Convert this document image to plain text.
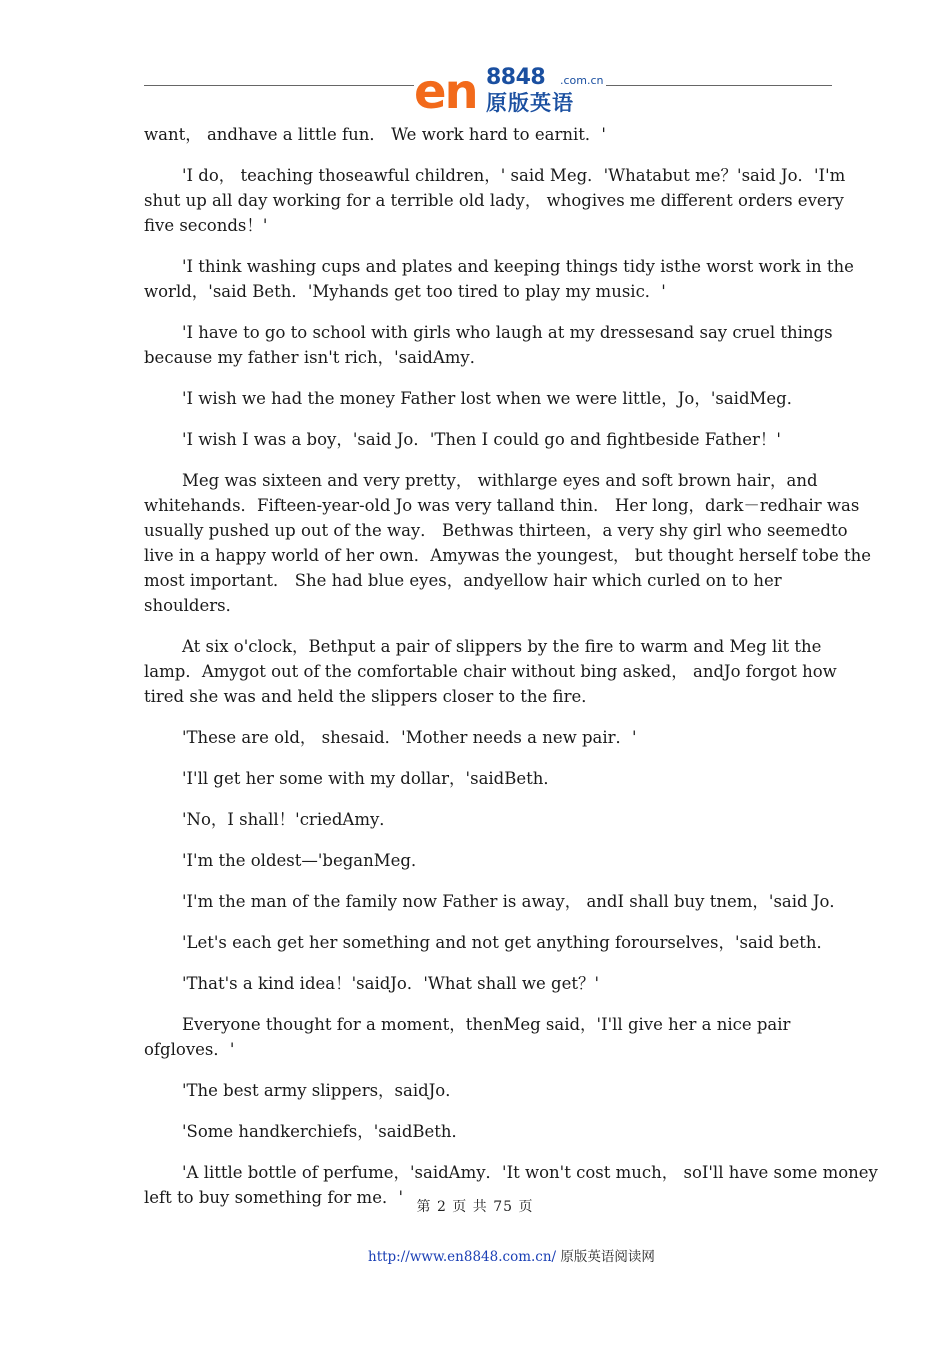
en 8848 .com.cn
原版英语

want， andhave a little fun． We work hard to earnit．'

'I do， teaching thoseawful children，' said Meg．'Whatabut me？'said Jo．'I'm shut up all day working for a terrible old lady， whogives me different orders every five seconds！'

'I think washing cups and plates and keeping things tidy isthe worst work in the world，'said Beth．'Myhands get too tired to play my music．'

'I have to go to school with girls who laugh at my dressesand say cruel things because my father isn't rich，'saidAmy．

'I wish we had the money Father lost when we were little，Jo，'saidMeg．

'I wish I was a boy，'said Jo．'Then I could go and fightbeside Father！'

Meg was sixteen and very pretty， withlarge eyes and soft brown hair，and whitehands．Fifteen-year-old Jo was very talland thin． Her long，dark－redhair was usually pushed up out of the way． Bethwas thirteen，a very shy girl who seemedto live in a happy world of her own．Amywas the youngest， but thought herself tobe the most important． She had blue eyes，andyellow hair which curled on to her shoulders．

At six o'clock，Bethput a pair of slippers by the fire to warm and Meg lit the lamp．Amygot out of the comfortable chair without bing asked， andJo forgot how tired she was and held the slippers closer to the fire．

'These are old， shesaid．'Mother needs a new pair．'

'I'll get her some with my dollar，'saidBeth．

'No，I shall！'criedAmy．

'I'm the oldest—'beganMeg．

'I'm the man of the family now Father is away， andI shall buy tnem，'said Jo．

'Let's each get her something and not get anything forourselves，'said beth．

'That's a kind idea！'saidJo．'What shall we get？'

Everyone thought for a moment，thenMeg said，'I'll give her a nice pair ofgloves．'

'The best army slippers，saidJo．

'Some handkerchiefs，'saidBeth．

'A little bottle of perfume，'saidAmy．'It won't cost much， soI'll have some money left to buy something for me．' 第 2 页 共 75 页
http://www.en8848.com.cn/ 原版英语阅读网
